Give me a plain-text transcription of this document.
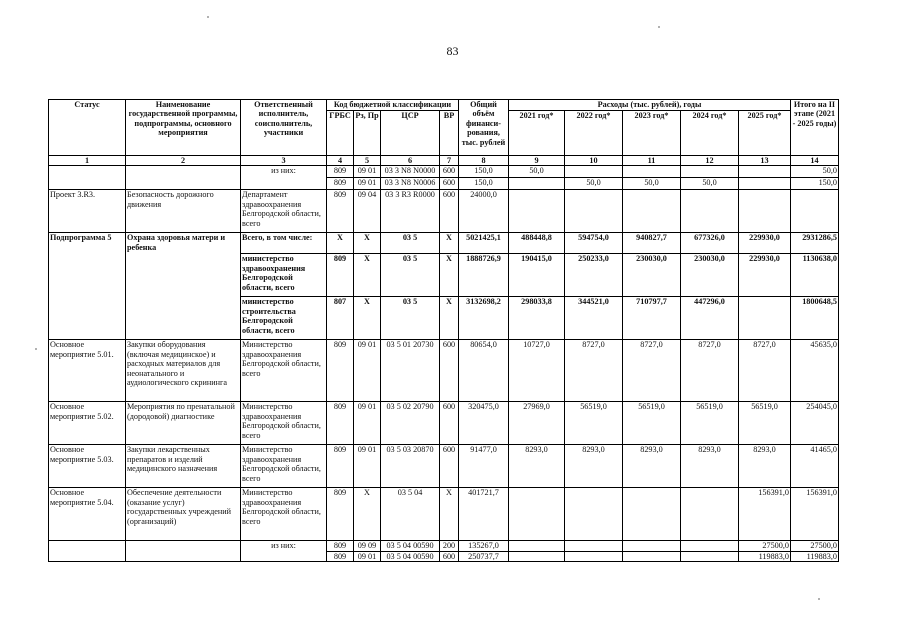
83
Статус	Наименование государственной программы, подпрограммы, основного мероприятия	Ответственный исполнитель, соисполнитель, участники	Код бюджетной классификации				Общий объём финанси-рования, тыс. рублей	Расходы (тыс. рублей), годы					Итого на II этапе (2021 - 2025 годы)
			ГРБС	Рз, Пр	ЦСР	ВР		2021 год*	2022 год*	2023 год*	2024 год*	2025 год*	
1	2	3	4	5	6	7	8	9	10	11	12	13	14
		из них:	809	09 01	03 3 N8 N0000	600	150,0	50,0					50,0
			809	09 01	03 3 N8 N0006	600	150,0		50,0	50,0	50,0		150,0
Проект 3.R3.	Безопасность дорожного движения	Департамент здравоохранения Белгородской области, всего	809	09 04	03 3 R3 R0000	600	24000,0						
Подпрограмма 5	Охрана здоровья матери и ребенка	Всего, в том числе:	X	X	03 5	X	5021425,1	488448,8	594754,0	940827,7	677326,0	229930,0	2931286,5
		министерство здравоохранения Белгородской области, всего	809	X	03 5	X	1888726,9	190415,0	250233,0	230030,0	230030,0	229930,0	1130638,0
		министерство строительства Белгородской области, всего	807	X	03 5	X	3132698,2	298033,8	344521,0	710797,7	447296,0		1800648,5
Основное мероприятие 5.01.	Закупки оборудования (включая медицинское) и расходных материалов для неонатального и аудиологического скрининга	Министерство здравоохранения Белгородской области, всего	809	09 01	03 5 01 20730	600	80654,0	10727,0	8727,0	8727,0	8727,0	8727,0	45635,0
Основное мероприятие 5.02.	Мероприятия по пренатальной (дородовой) диагностике	Министерство здравоохранения Белгородской области, всего	809	09 01	03 5 02 20790	600	320475,0	27969,0	56519,0	56519,0	56519,0	56519,0	254045,0
Основное мероприятие 5.03.	Закупки лекарственных препаратов и изделий медицинского назначения	Министерство здравоохранения Белгородской области, всего	809	09 01	03 5 03 20870	600	91477,0	8293,0	8293,0	8293,0	8293,0	8293,0	41465,0
Основное мероприятие 5.04.	Обеспечение деятельности (оказание услуг) государственных учреждений (организаций)	Министерство здравоохранения Белгородской области, всего	809	X	03 5 04	X	401721,7					156391,0	156391,0
		из них:	809	09 09	03 5 04 00590	200	135267,0					27500,0	27500,0
			809	09 01	03 5 04 00590	600	250737,7					119883,0	119883,0
